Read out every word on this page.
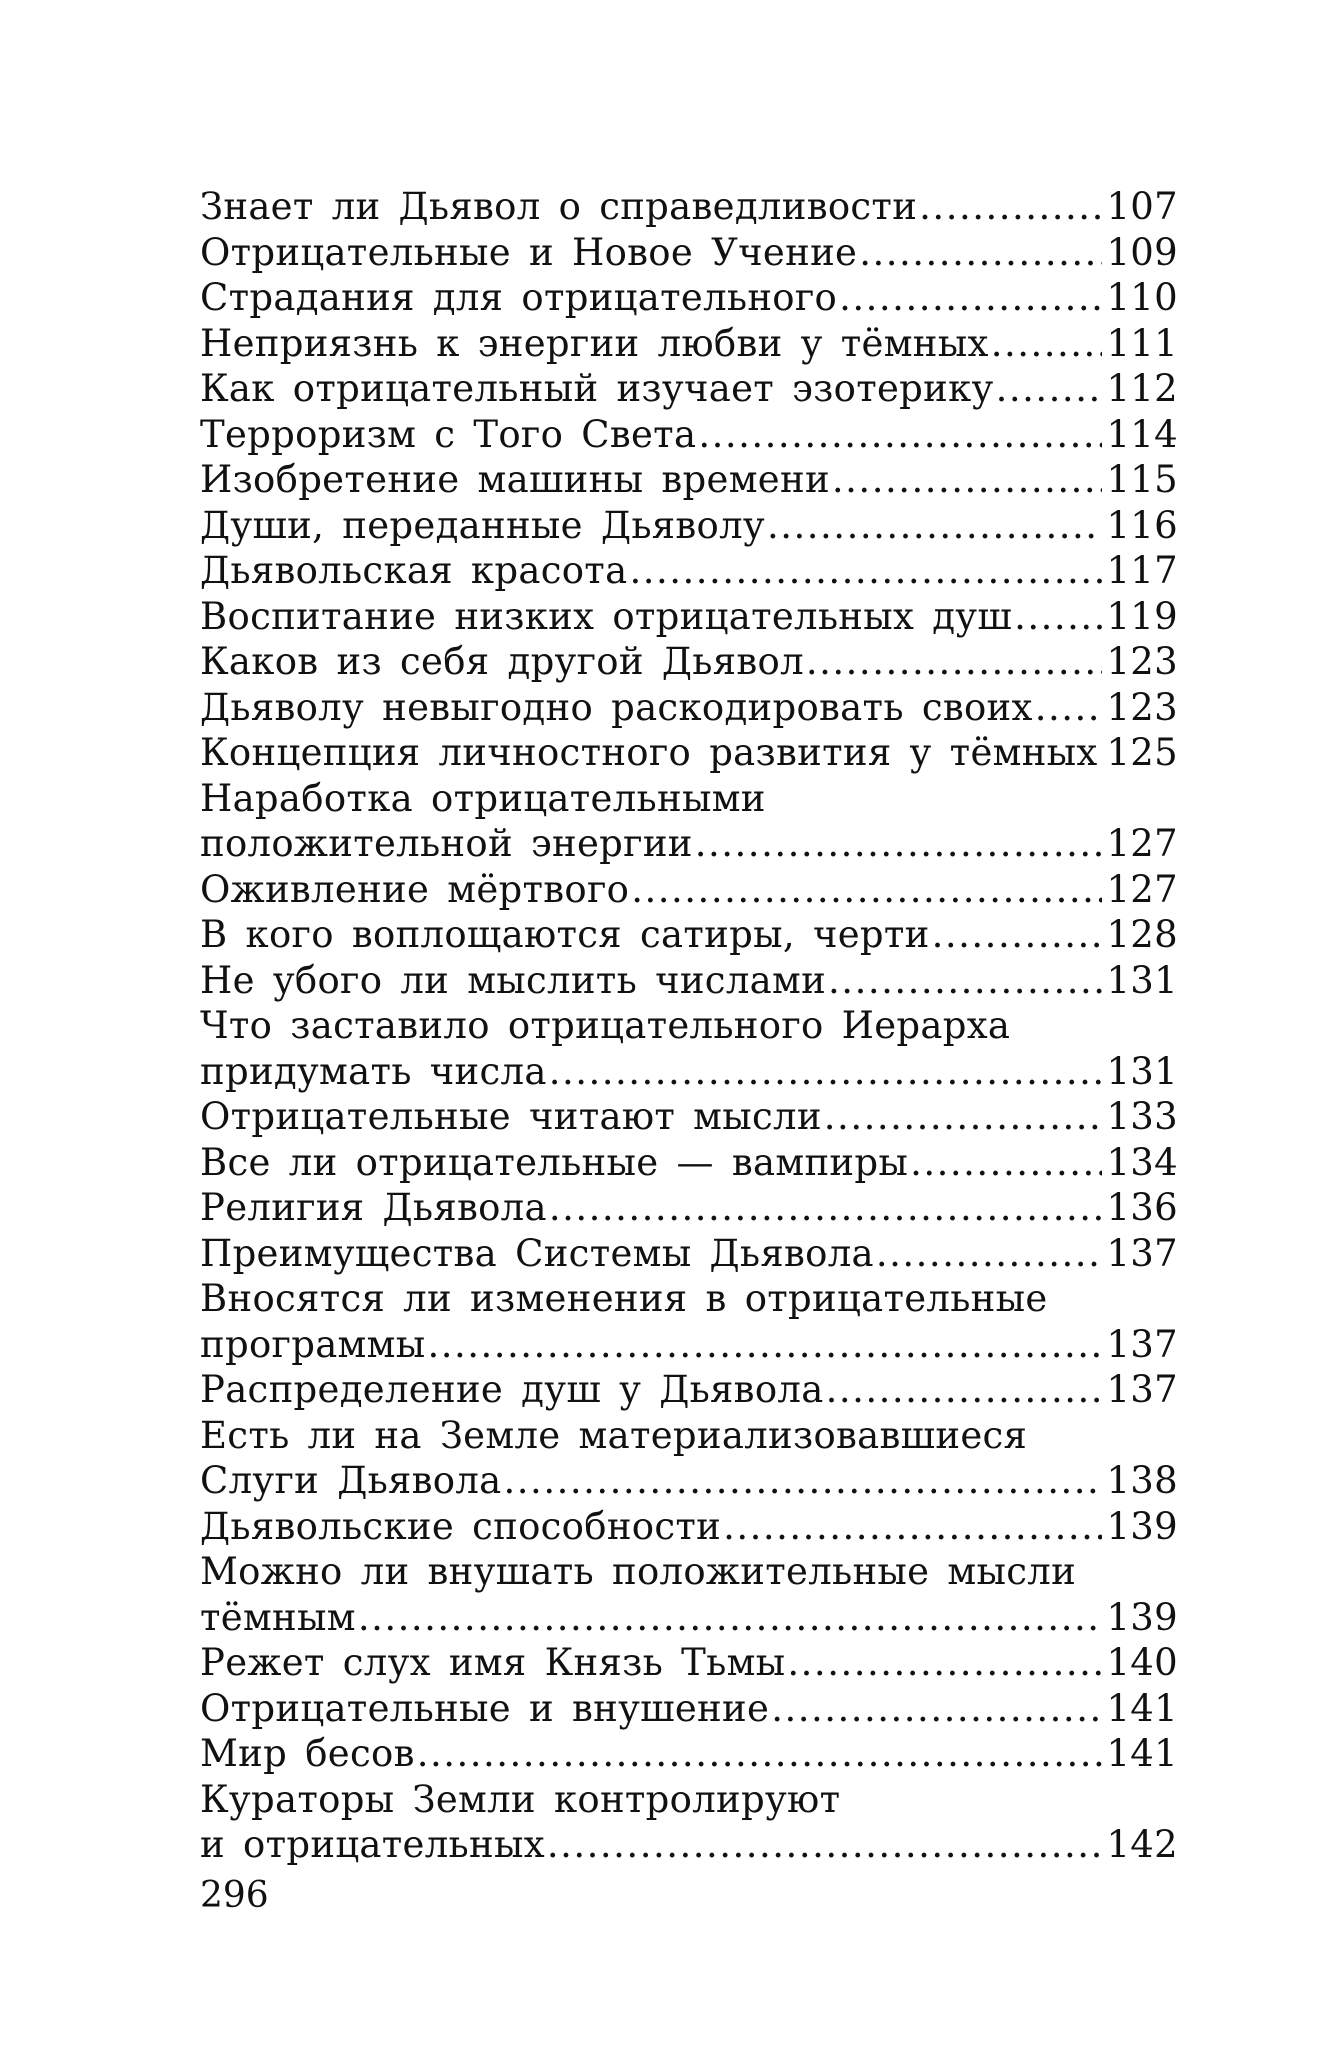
Знает ли Дьявол о справедливости .....	107
Отрицательные и Новое Учение .....	109
Страдания для отрицательного .....	110
Неприязнь к энергии любви у тёмных .....	111
Как отрицательный изучает эзотерику .....	112
Терроризм с Того Света .....	114
Изобретение машины времени .....	115
Души, переданные Дьяволу .....	116
Дьявольская красота .....	117
Воспитание низких отрицательных душ .....	119
Каков из себя другой Дьявол .....	123
Дьяволу невыгодно раскодировать своих ..... 123
Концепция личностного развития у тёмных ..... 125
Наработка отрицательными
положительной энергии .....	127
Оживление мёртвого .....	127
В кого воплощаются сатиры, черти .....	128
Не убого ли мыслить числами .....	131
Что заставило отрицательного Иерарха
придумать числа .....	131
Отрицательные читают мысли .....	133
Все ли отрицательные — вампиры .....	134
Религия Дьявола .....	136
Преимущества Системы Дьявола .....	137
Вносятся ли изменения в отрицательные
программы .....	137
Распределение душ у Дьявола .....	137
Есть ли на Земле материализовавшиеся
Слуги Дьявола .....	138
Дьявольские способности .....	139
Можно ли внушать положительные мысли
тёмным .....	139
Режет слух имя Князь Тьмы .....	140
Отрицательные и внушение .....	141
Мир бесов .....	141
Кураторы Земли контролируют
и отрицательных .....	142
296
